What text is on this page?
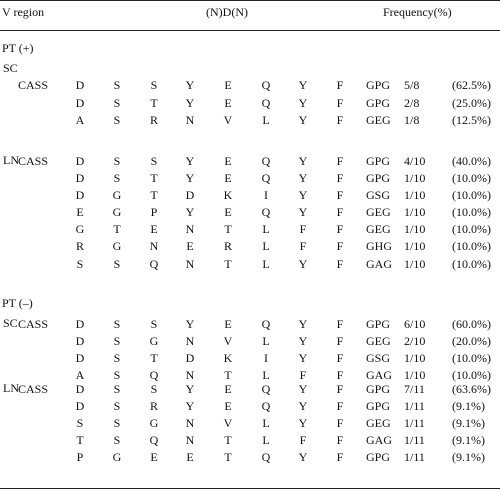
V region	(N)D(N)	Frequency(%)
PT (+)
SC
CASS	D	S	S	Y	E	Q	Y	F	GPG 5/8	(62.5%)
D	S	T	Y	E	Q	Y	F	GPG 2/8	(25.0%)
A	S	R	N	V	L	Y	F	GEG 1/8	(12.5%)
LN CASS	D	S	S	Y	E	Q	Y	F	GPG 4/10 (40.0%)
D	S	T	Y	E	Q	Y	F	GPG 1/10 (10.0%)
D	G	T	D	K	I	Y	F	GSG 1/10 (10.0%)
E	G	P	Y	E	Q	Y	F	GEG 1/10 (10.0%)
G	T	E	N	T	L	F	F	GEG 1/10 (10.0%)
R	G	N	E	R	L	F	F	GHG 1/10 (10.0%)
S	S	Q	N	T	L	Y	F	GAG 1/10 (10.0%)
PT (–)
SC CASS	D	S	S	Y	E	Q	Y	F	GPG 6/10 (60.0%)
D	S	G	N	V	L	Y	F	GEG 2/10 (20.0%)
D	S	T	D	K	I	Y	F	GSG 1/10 (10.0%)
A	S	Q	N	T	L	F	F	GAG 1/10 (10.0%)
LN CASS	D	S	S	Y	E	Q	Y	F	GPG 7/11 (63.6%)
D	S	R	Y	E	Q	Y	F	GPG 1/11 (9.1%)
S	S	G	N	V	L	Y	F	GEG 1/11 (9.1%)
T	S	Q	N	T	L	F	F	GAG 1/11 (9.1%)
P	G	E	E	T	Q	Y	F	GPG 1/11 (9.1%)
